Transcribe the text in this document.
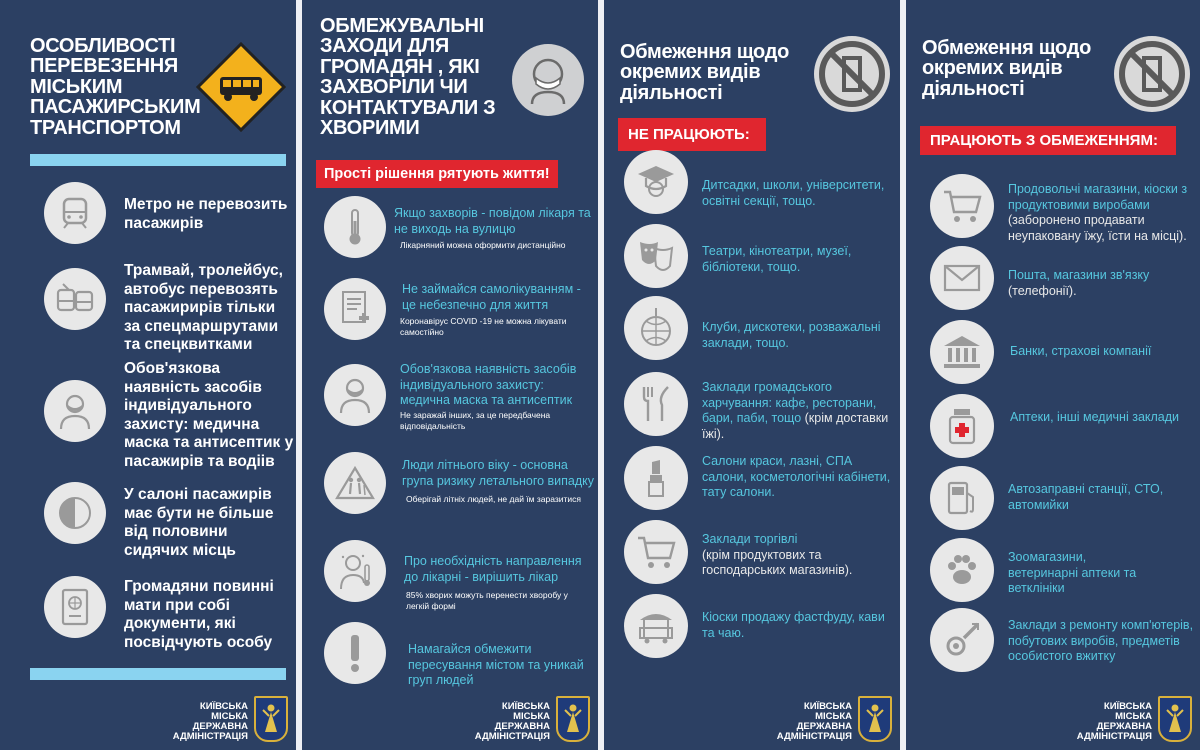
ОСОБЛИВОСТІ ПЕРЕВЕЗЕННЯ МІСЬКИМ ПАСАЖИРСЬКИМ ТРАНСПОРТОМ
Метро не перевозить пасажирів
Трамвай, тролейбус, автобус перевозять пасажирирів тільки за спецмаршрутами та спецквитками
Обов'язкова наявність засобів індивідуального захисту: медична маска та антисептик у пасажирів та водіів
У салоні пасажирів має бути не більше від половини сидячих місць
Громадяни повинні мати при собі документи, які посвідчують особу
КИЇВСЬКА
МІСЬКА
ДЕРЖАВНА
АДМІНІСТРАЦІЯ
ОБМЕЖУВАЛЬНІ ЗАХОДИ ДЛЯ ГРОМАДЯН , ЯКІ ЗАХВОРІЛИ ЧИ КОНТАКТУВАЛИ З ХВОРИМИ
Прості рішення рятують життя!
Якщо захворів - повідом лікаря та не виходь на вулицю
Лікарняний можна оформити дистанційно
Не займайся самолікуванням - це небезпечно для життя
Коронавірус COVID -19 не можна лікувати самостійно
Обов'язкова наявність засобів індивідуального захисту: медична маска та антисептик
Не заражай інших, за це передбачена відповідальність
Люди літнього віку - основна група ризику летального випадку
Оберігай літніх людей, не дай їм заразитися
Про необхідність направлення до лікарні - вирішить лікар
85% хворих можуть перенести хворобу у легкій формі
Намагайся обмежити пересування містом та уникай груп людей
КИЇВСЬКА
МІСЬКА
ДЕРЖАВНА
АДМІНІСТРАЦІЯ
Обмеження щодо окремих видів діяльності
НЕ ПРАЦЮЮТЬ:
Дитсадки, школи, університети, освітні секції, тощо.
Театри, кінотеатри, музеї, бібліотеки, тощо.
Клуби, дискотеки, розважальні заклади, тощо.
Заклади громадського харчування: кафе, ресторани, бари, паби, тощо (крім доставки їжі).
Салони краси, лазні, СПА салони, косметологічні кабінети, тату салони.
Заклади торгівлі
(крім продуктових та господарських магазинів).
Кіоски продажу фастфуду, кави та чаю.
КИЇВСЬКА
МІСЬКА
ДЕРЖАВНА
АДМІНІСТРАЦІЯ
Обмеження щодо окремих видів діяльності
ПРАЦЮЮТЬ З ОБМЕЖЕННЯМ:
Продовольчі магазини, кіоски з продуктовими виробами
(заборонено продавати неупаковану їжу, їсти на місці).
Пошта, магазини зв'язку
(телефонії).
Банки, страхові компанії
Аптеки, інші медичні заклади
Автозаправні станції, СТО, автомийки
Зоомагазини, ветеринарні аптеки та ветклініки
Заклади з ремонту комп'ютерів, побутових виробів, предметів особистого вжитку
КИЇВСЬКА
МІСЬКА
ДЕРЖАВНА
АДМІНІСТРАЦІЯ
